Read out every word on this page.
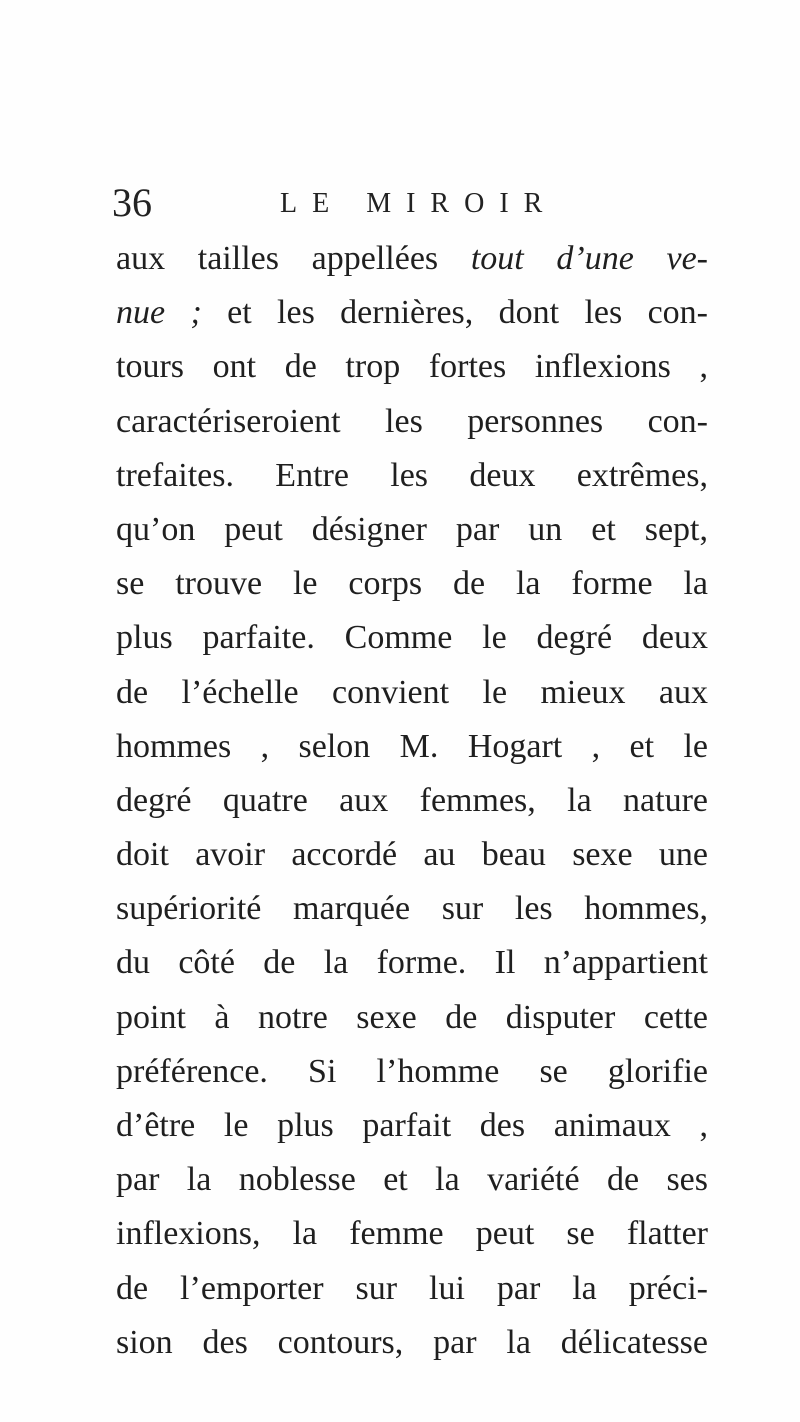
36	LE MIROIR
aux tailles appellées tout d’une ve-
nue ; et les dernières, dont les con-
tours ont de trop fortes inflexions ,
caractériseroient les personnes con-
trefaites. Entre les deux extrêmes,
qu’on peut désigner par un et sept,
se trouve le corps de la forme la
plus parfaite. Comme le degré deux
de l’échelle convient le mieux aux
hommes , selon M. Hogart , et le
degré quatre aux femmes, la nature
doit avoir accordé au beau sexe une
supériorité marquée sur les hommes,
du côté de la forme. Il n’appartient
point à notre sexe de disputer cette
préférence. Si l’homme se glorifie
d’être le plus parfait des animaux ,
par la noblesse et la variété de ses
inflexions, la femme peut se flatter
de l’emporter sur lui par la préci-
sion des contours, par la délicatesse
